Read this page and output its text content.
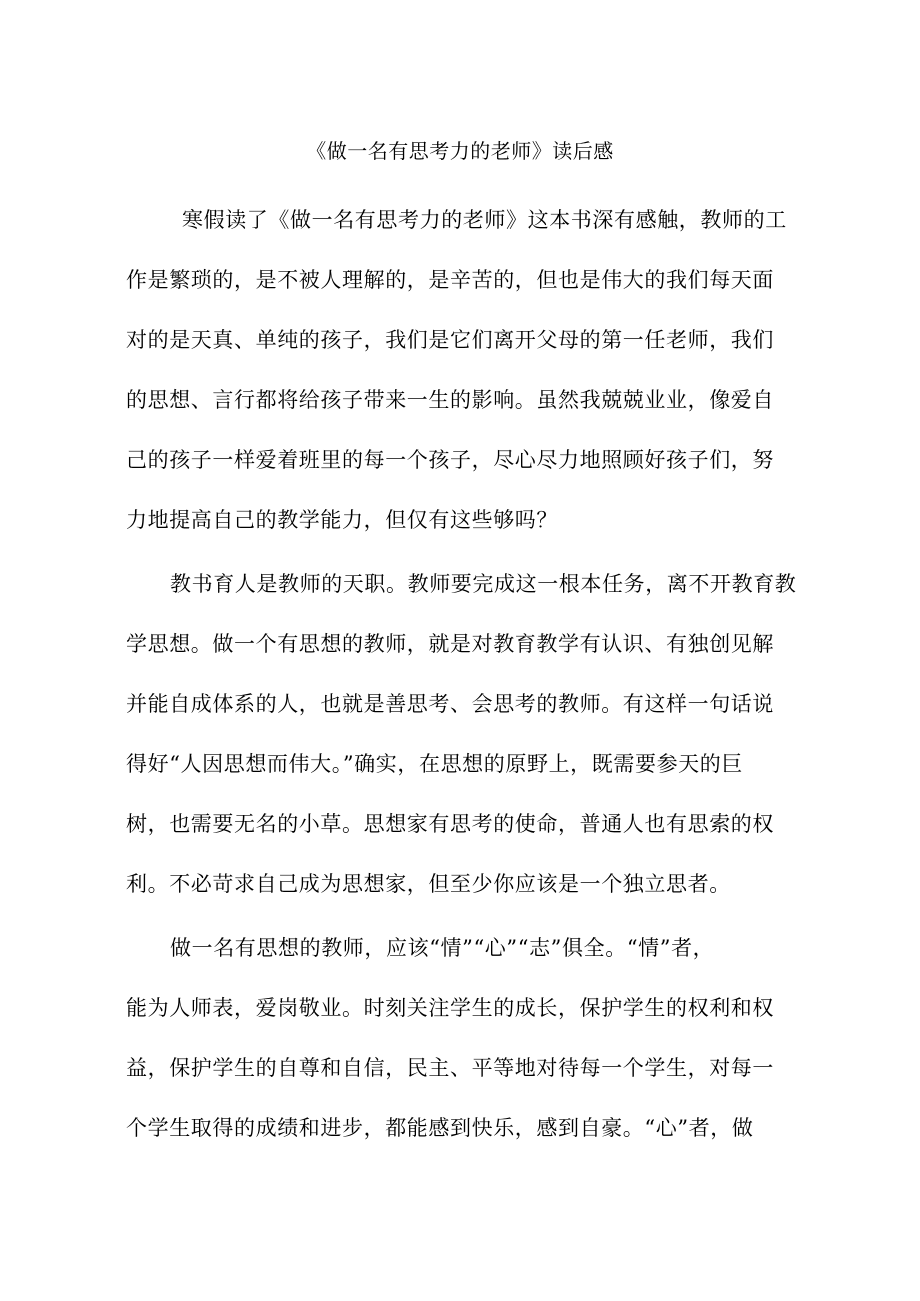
《做一名有思考力的老师》读后感
寒假读了《做一名有思考力的老师》这本书深有感触，教师的工
作是繁琐的，是不被人理解的，是辛苦的，但也是伟大的我们每天面
对的是天真、单纯的孩子，我们是它们离开父母的第一任老师，我们
的思想、言行都将给孩子带来一生的影响。虽然我兢兢业业，像爱自
己的孩子一样爱着班里的每一个孩子，尽心尽力地照顾好孩子们，努
力地提高自己的教学能力，但仅有这些够吗？
教书育人是教师的天职。教师要完成这一根本任务，离不开教育教
学思想。做一个有思想的教师，就是对教育教学有认识、有独创见解
并能自成体系的人，也就是善思考、会思考的教师。有这样一句话说
得好“人因思想而伟大。”确实，在思想的原野上，既需要参天的巨
树，也需要无名的小草。思想家有思考的使命，普通人也有思索的权
利。不必苛求自己成为思想家，但至少你应该是一个独立思者。
做一名有思想的教师，应该“情”“心”“志”俱全。“情”者，
能为人师表，爱岗敬业。时刻关注学生的成长，保护学生的权利和权
益，保护学生的自尊和自信，民主、平等地对待每一个学生，对每一
个学生取得的成绩和进步，都能感到快乐，感到自豪。“心”者，做
